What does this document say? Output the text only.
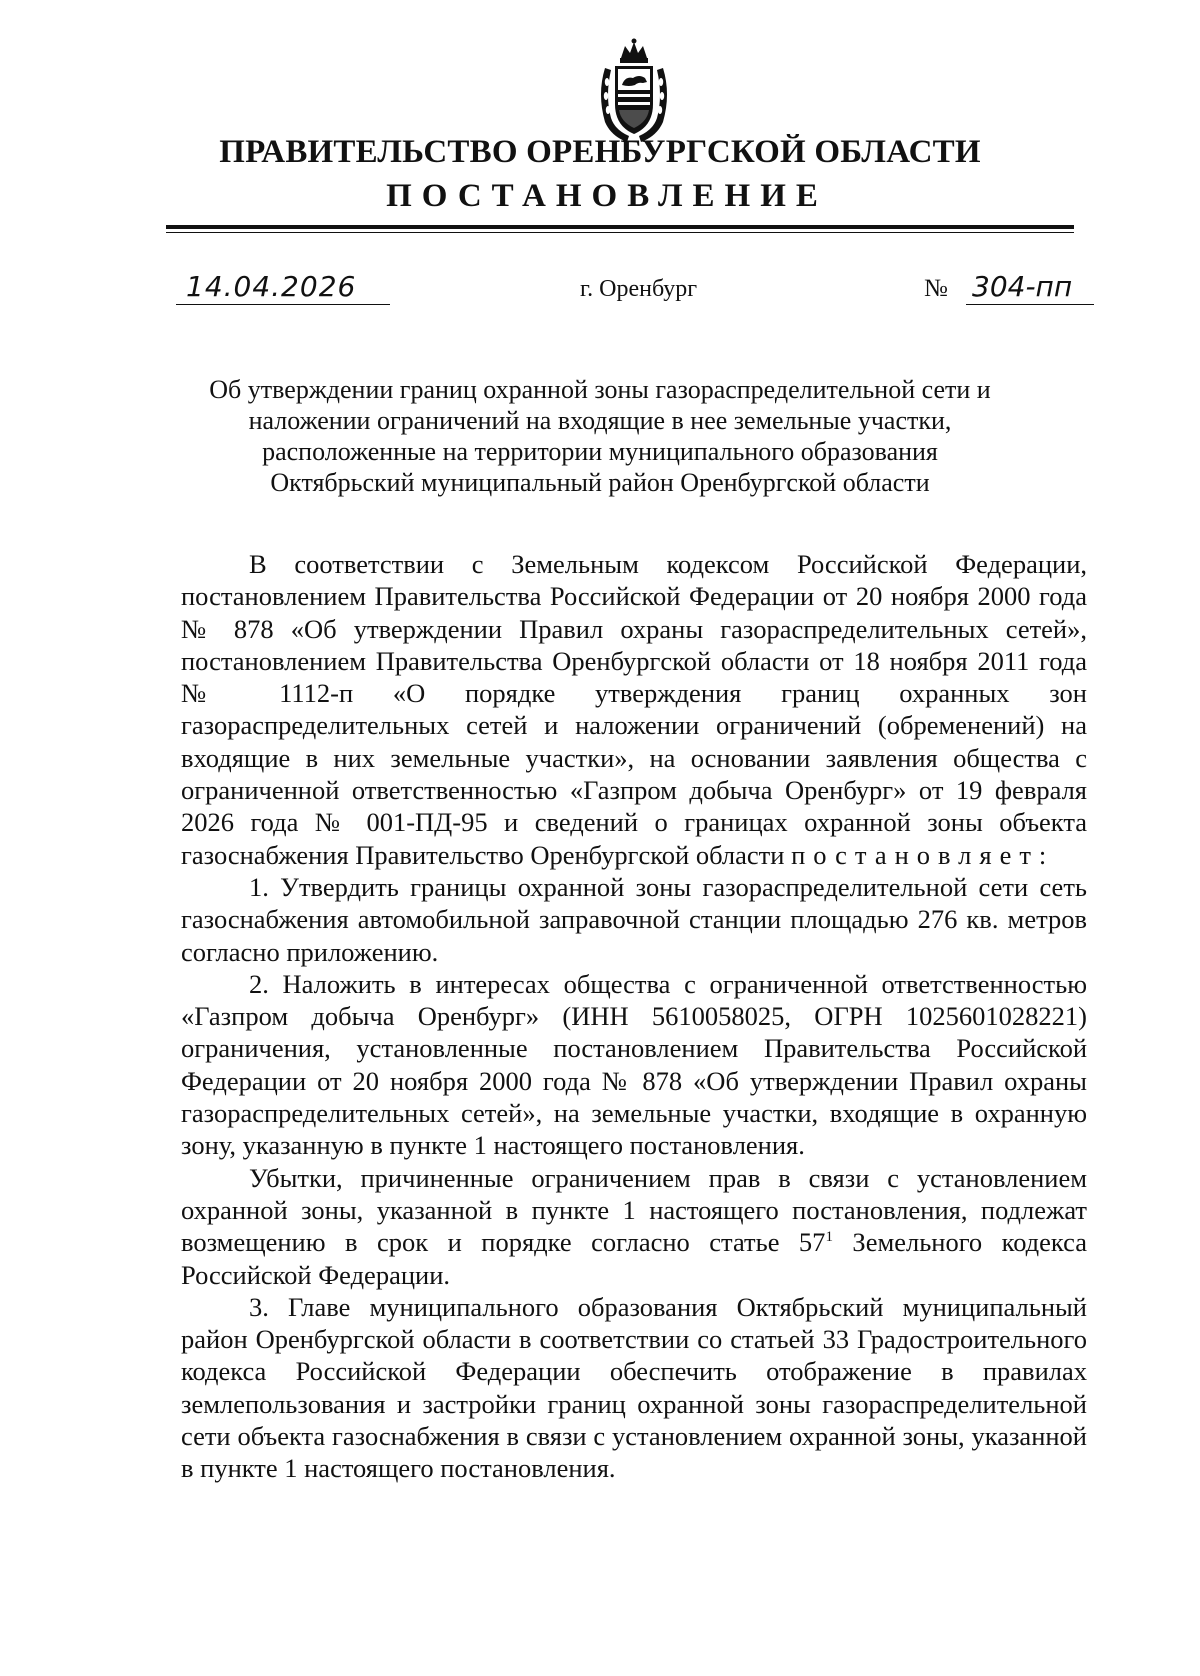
ПРАВИТЕЛЬСТВО ОРЕНБУРГСКОЙ ОБЛАСТИ
ПОСТАНОВЛЕНИЕ
14.04.2026	г. Оренбург	№ 304-пп
Об утверждении границ охранной зоны газораспределительной сети и
наложении ограничений на входящие в нее земельные участки,
расположенные на территории муниципального образования
Октябрьский муниципальный район Оренбургской области

В соответствии с Земельным кодексом Российской Федерации, постановлением Правительства Российской Федерации от 20 ноября 2000 года № 878 «Об утверждении Правил охраны газораспределительных сетей», постановлением Правительства Оренбургской области от 18 ноября 2011 года № 1112-п «О порядке утверждения границ охранных зон газораспределительных сетей и наложении ограничений (обременений) на входящие в них земельные участки», на основании заявления общества с ограниченной ответственностью «Газпром добыча Оренбург» от 19 февраля 2026 года № 001-ПД-95 и сведений о границах охранной зоны объекта газоснабжения Правительство Оренбургской области постановляет:

1. Утвердить границы охранной зоны газораспределительной сети сеть газоснабжения автомобильной заправочной станции площадью 276 кв. метров согласно приложению.

2. Наложить в интересах общества с ограниченной ответственностью «Газпром добыча Оренбург» (ИНН 5610058025, ОГРН 1025601028221) ограничения, установленные постановлением Правительства Российской Федерации от 20 ноября 2000 года № 878 «Об утверждении Правил охраны газораспределительных сетей», на земельные участки, входящие в охранную зону, указанную в пункте 1 настоящего постановления.

Убытки, причиненные ограничением прав в связи с установлением охранной зоны, указанной в пункте 1 настоящего постановления, подлежат возмещению в срок и порядке согласно статье $57^1$ Земельного кодекса Российской Федерации.

3. Главе муниципального образования Октябрьский муниципальный район Оренбургской области в соответствии со статьей 33 Градостроительного кодекса Российской Федерации обеспечить отображение в правилах землепользования и застройки границ охранной зоны газораспределительной сети объекта газоснабжения в связи с установлением охранной зоны, указанной в пункте 1 настоящего постановления.
